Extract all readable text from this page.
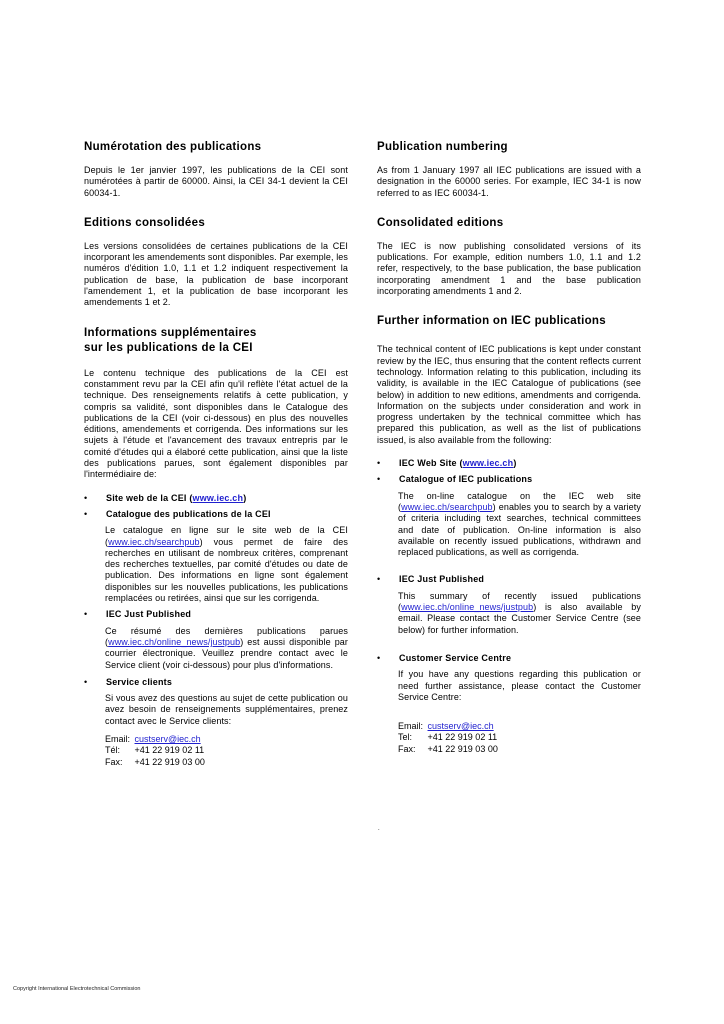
Numérotation des publications

Depuis le 1er janvier 1997, les publications de la CEI sont numérotées à partir de 60000. Ainsi, la CEI 34-1 devient la CEI 60034-1.

Editions consolidées

Les versions consolidées de certaines publications de la CEI incorporant les amendements sont disponibles. Par exemple, les numéros d'édition 1.0, 1.1 et 1.2 indiquent respectivement la publication de base, la publication de base incorporant l'amendement 1, et la publication de base incorporant les amendements 1 et 2.

Informations supplémentaires
sur les publications de la CEI

Le contenu technique des publications de la CEI est constamment revu par la CEI afin qu'il reflète l'état actuel de la technique. Des renseignements relatifs à cette publication, y compris sa validité, sont disponibles dans le Catalogue des publications de la CEI (voir ci-dessous) en plus des nouvelles éditions, amendements et corrigenda. Des informations sur les sujets à l'étude et l'avancement des travaux entrepris par le comité d'études qui a élaboré cette publication, ainsi que la liste des publications parues, sont également disponibles par l'intermédiaire de:

• Site web de la CEI (www.iec.ch)
• Catalogue des publications de la CEI

Le catalogue en ligne sur le site web de la CEI (www.iec.ch/searchpub) vous permet de faire des recherches en utilisant de nombreux critères, comprenant des recherches textuelles, par comité d'études ou date de publication. Des informations en ligne sont également disponibles sur les nouvelles publications, les publications remplacées ou retirées, ainsi que sur les corrigenda.

• IEC Just Published

Ce résumé des dernières publications parues (www.iec.ch/online_news/justpub) est aussi disponible par courrier électronique. Veuillez prendre contact avec le Service client (voir ci-dessous) pour plus d'informations.

• Service clients

Si vous avez des questions au sujet de cette publication ou avez besoin de renseignements supplémentaires, prenez contact avec le Service clients:

Email: custserv@iec.ch
Tél: +41 22 919 02 11
Fax: +41 22 919 03 00
Publication numbering

As from 1 January 1997 all IEC publications are issued with a designation in the 60000 series. For example, IEC 34-1 is now referred to as IEC 60034-1.

Consolidated editions

The IEC is now publishing consolidated versions of its publications. For example, edition numbers 1.0, 1.1 and 1.2 refer, respectively, to the base publication, the base publication incorporating amendment 1 and the base publication incorporating amendments 1 and 2.

Further information on IEC publications

The technical content of IEC publications is kept under constant review by the IEC, thus ensuring that the content reflects current technology. Information relating to this publication, including its validity, is available in the IEC Catalogue of publications (see below) in addition to new editions, amendments and corrigenda. Information on the subjects under consideration and work in progress undertaken by the technical committee which has prepared this publication, as well as the list of publications issued, is also available from the following:

• IEC Web Site (www.iec.ch)
• Catalogue of IEC publications

The on-line catalogue on the IEC web site (www.iec.ch/searchpub) enables you to search by a variety of criteria including text searches, technical committees and date of publication. On-line information is also available on recently issued publications, withdrawn and replaced publications, as well as corrigenda.

• IEC Just Published

This summary of recently issued publications (www.iec.ch/online_news/justpub) is also available by email. Please contact the Customer Service Centre (see below) for further information.

• Customer Service Centre

If you have any questions regarding this publication or need further assistance, please contact the Customer Service Centre:

Email: custserv@iec.ch
Tel: +41 22 919 02 11
Fax: +41 22 919 03 00
.
Copyright International Electrotechnical Commission
